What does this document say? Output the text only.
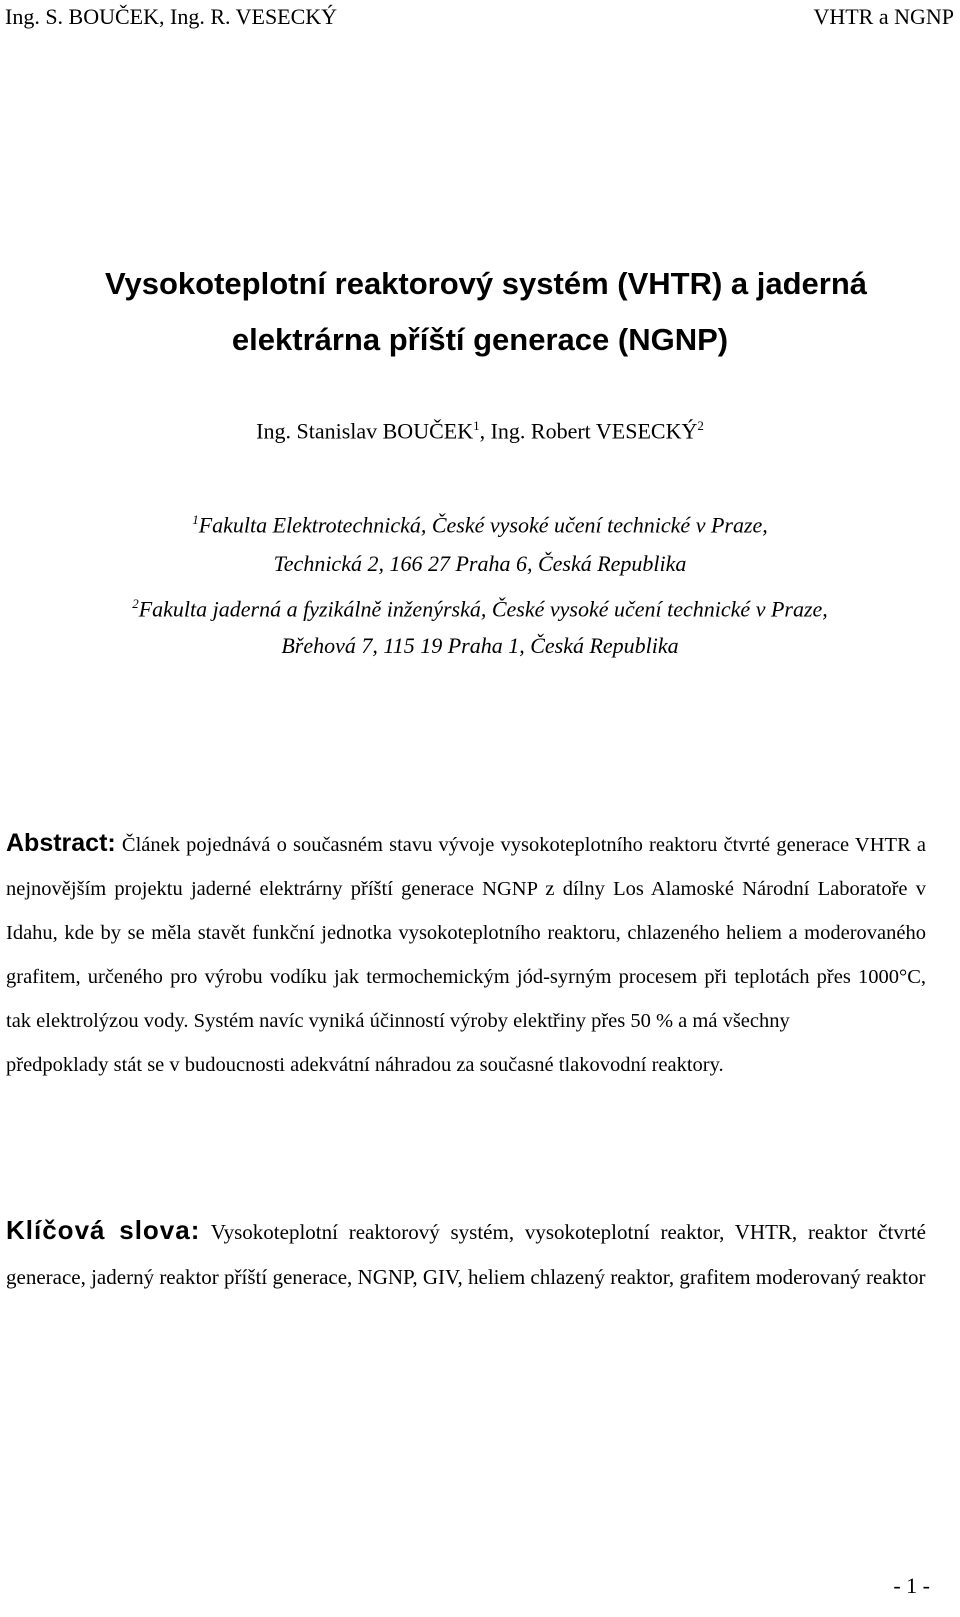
Ing. S. BOUČEK, Ing. R. VESECKÝ	VHTR a NGNP
Vysokoteplotní reaktorový systém (VHTR) a jaderná
elektrárna příští generace (NGNP)
Ing. Stanislav BOUČEK$^1$, Ing. Robert VESECKÝ$^2$
$^1$Fakulta Elektrotechnická, České vysoké učení technické v Praze,
Technická 2, 166 27 Praha 6, Česká Republika
$^2$Fakulta jaderná a fyzikálně inženýrská, České vysoké učení technické v Praze,
Břehová 7, 115 19 Praha 1, Česká Republika
Abstract: Článek pojednává o současném stavu vývoje vysokoteplotního reaktoru čtvrté generace VHTR a nejnovějším projektu jaderné elektrárny příští generace NGNP z dílny Los Alamoské Národní Laboratoře v Idahu, kde by se měla stavět funkční jednotka vysokoteplotního reaktoru, chlazeného heliem a moderovaného grafitem, určeného pro výrobu vodíku jak termochemickým jód-syrným procesem při teplotách přes 1000°C, tak elektrolýzou vody. Systém navíc vyniká účinností výroby elektřiny přes 50 % a má všechny
předpoklady stát se v budoucnosti adekvátní náhradou za současné tlakovodní reaktory.
Klíčová slova: Vysokoteplotní reaktorový systém, vysokoteplotní reaktor, VHTR, reaktor čtvrté generace, jaderný reaktor příští generace, NGNP, GIV, heliem chlazený reaktor, grafitem moderovaný reaktor
- 1 -
